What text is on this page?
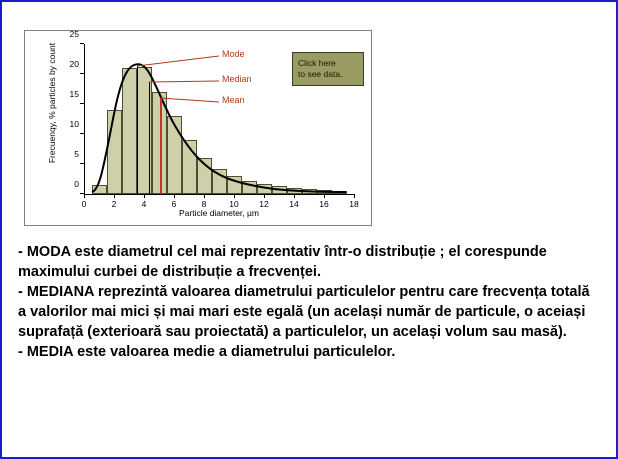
Frecuenqy, % particles by count
0
5
10
15
20
25
0	2	4	6	8	10 12 14 16 18
Mode
Median
Mean
Particle diameter, µm
Click here
to see data.

- MODA este diametrul cel mai reprezentativ într-o distribuție ; el corespunde maximului curbei de distribuție a frecvenței.

- MEDIANA reprezintă valoarea diametrului particulelor pentru care frecvența totală a valorilor mai mici și mai mari este egală (un același număr de particule, o aceiași suprafață (exterioară sau proiectată) a particulelor, un același volum sau masă).

- MEDIA este valoarea medie a diametrului particulelor.
